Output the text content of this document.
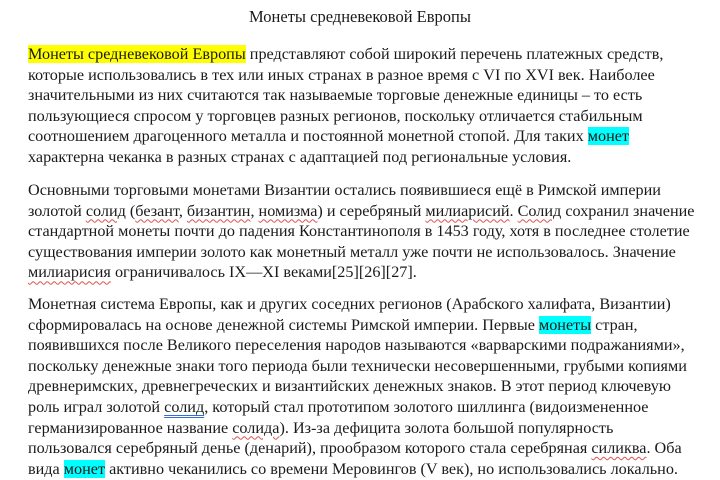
Монеты средневековой Европы
Монеты средневековой Европы представляют собой широкий перечень платежных средств, которые использовались в тех или иных странах в разное время с VI по XVI век. Наиболее значительными из них считаются так называемые торговые денежные единицы – то есть пользующиеся спросом у торговцев разных регионов, поскольку отличается стабильным соотношением драгоценного металла и постоянной монетной стопой. Для таких монет характерна чеканка в разных странах с адаптацией под региональные условия.
Основными торговыми монетами Византии остались появившиеся ещё в Римской империи золотой солид (безант, бизантин, номизма) и серебряный милиарисий. Солид сохранил значение стандартной монеты почти до падения Константинополя в 1453 году, хотя в последнее столетие существования империи золото как монетный металл уже почти не использовалось. Значение милиарисия ограничивалось IX—XI веками[25][26][27].
Монетная система Европы, как и других соседних регионов (Арабского халифата, Византии) сформировалась на основе денежной системы Римской империи. Первые монеты стран, появившихся после Великого переселения народов называются «варварскими подражаниями», поскольку денежные знаки того периода были технически несовершенными, грубыми копиями древнеримских, древнегреческих и византийских денежных знаков. В этот период ключевую роль играл золотой солид, который стал прототипом золотого шиллинга (видоизмененное германизированное название солида). Из-за дефицита золота большой популярность пользовался серебряный денье (денарий), прообразом которого стала серебряная силиква. Оба вида монет активно чеканились со времени Меровингов (V век), но использовались локально.
